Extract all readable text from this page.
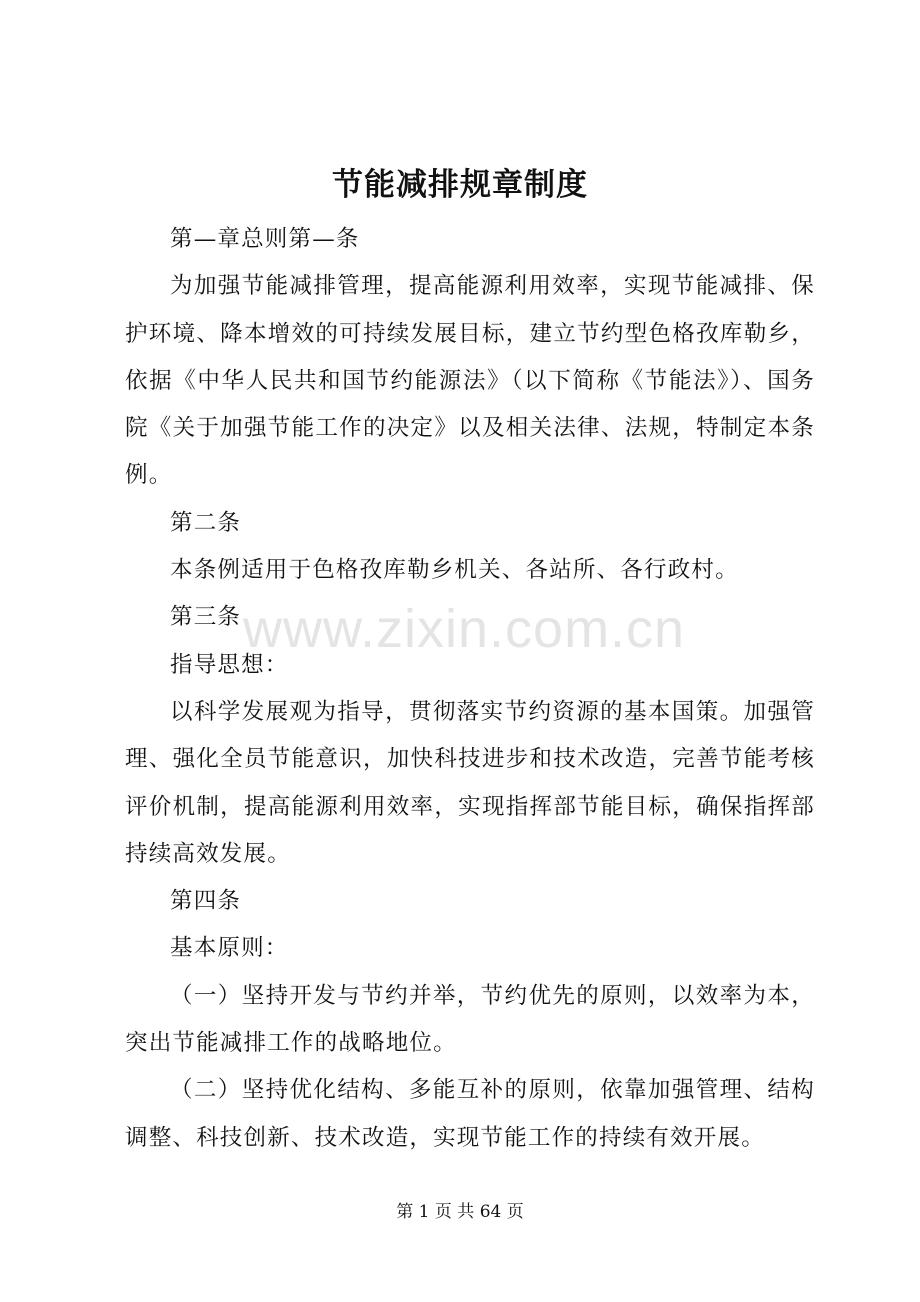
节能减排规章制度

第—章总则第—条

为加强节能减排管理，提高能源利用效率，实现节能减排、保护环境、降本增效的可持续发展目标，建立节约型色格孜库勒乡，依据《中华人民共和国节约能源法》（以下简称《节能法》）、国务院《关于加强节能工作的决定》以及相关法律、法规，特制定本条例。

第二条

本条例适用于色格孜库勒乡机关、各站所、各行政村。

第三条

指导思想：

以科学发展观为指导，贯彻落实节约资源的基本国策。加强管理、强化全员节能意识，加快科技进步和技术改造，完善节能考核评价机制，提高能源利用效率，实现指挥部节能目标，确保指挥部持续高效发展。

第四条

基本原则：

（一）坚持开发与节约并举，节约优先的原则，以效率为本，突出节能减排工作的战略地位。

（二）坚持优化结构、多能互补的原则，依靠加强管理、结构调整、科技创新、技术改造，实现节能工作的持续有效开展。

www.zixin.com.cn
第 1 页 共 64 页
